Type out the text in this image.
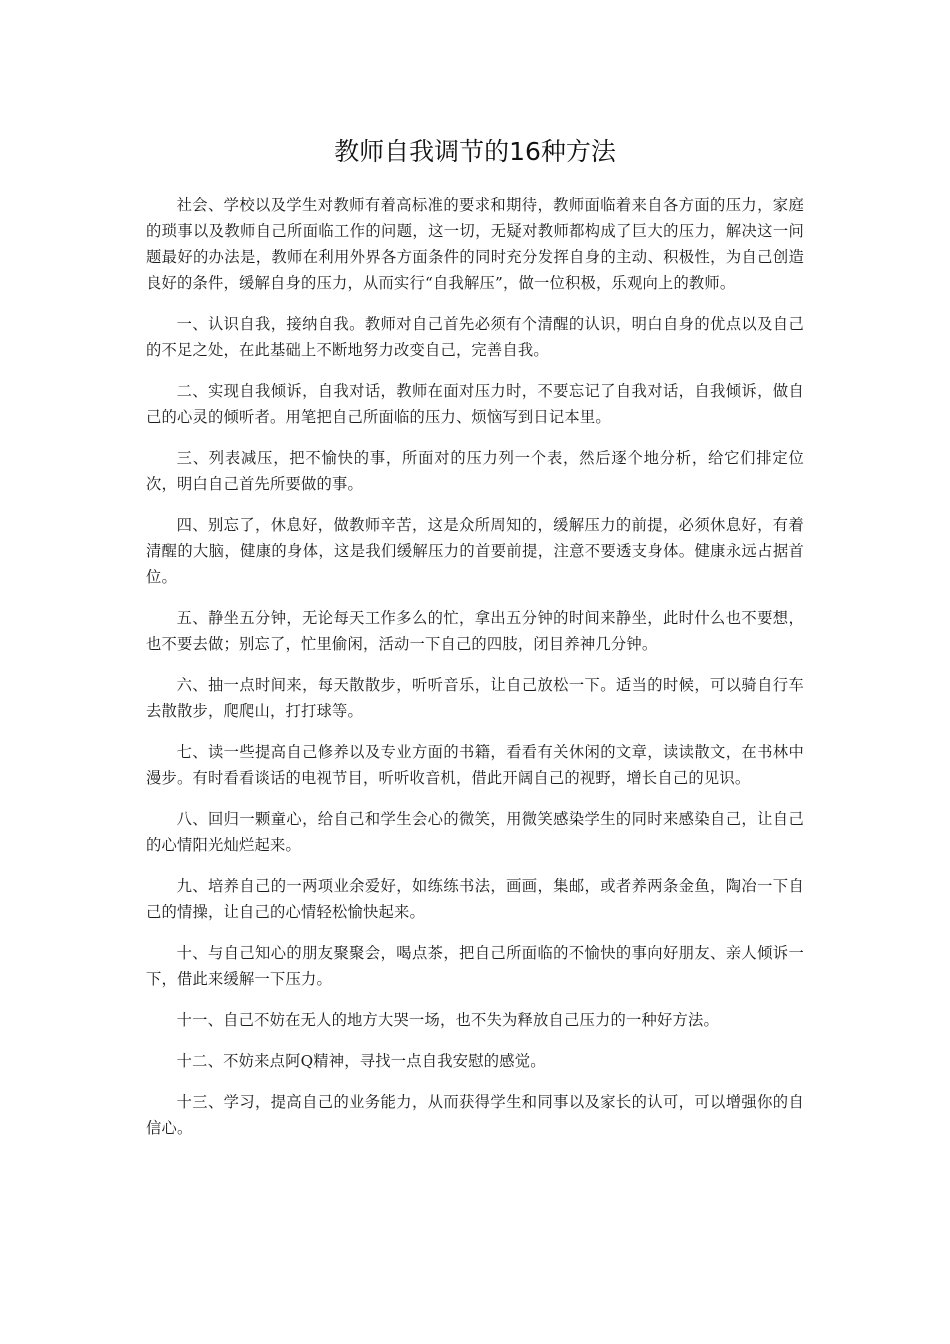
教师自我调节的16种方法

社会、学校以及学生对教师有着高标准的要求和期待，教师面临着来自各方面的压力，家庭的琐事以及教师自己所面临工作的问题，这一切，无疑对教师都构成了巨大的压力，解决这一问题最好的办法是，教师在利用外界各方面条件的同时充分发挥自身的主动、积极性，为自己创造良好的条件，缓解自身的压力，从而实行“自我解压”，做一位积极，乐观向上的教师。

一、认识自我，接纳自我。教师对自己首先必须有个清醒的认识，明白自身的优点以及自己的不足之处，在此基础上不断地努力改变自己，完善自我。

二、实现自我倾诉，自我对话，教师在面对压力时，不要忘记了自我对话，自我倾诉，做自己的心灵的倾听者。用笔把自己所面临的压力、烦恼写到日记本里。

三、列表减压，把不愉快的事，所面对的压力列一个表，然后逐个地分析，给它们排定位次，明白自己首先所要做的事。

四、别忘了，休息好，做教师辛苦，这是众所周知的，缓解压力的前提，必须休息好，有着清醒的大脑，健康的身体，这是我们缓解压力的首要前提，注意不要透支身体。健康永远占据首位。

五、静坐五分钟，无论每天工作多么的忙，拿出五分钟的时间来静坐，此时什么也不要想，也不要去做；别忘了，忙里偷闲，活动一下自己的四肢，闭目养神几分钟。

六、抽一点时间来，每天散散步，听听音乐，让自己放松一下。适当的时候，可以骑自行车去散散步，爬爬山，打打球等。

七、读一些提高自己修养以及专业方面的书籍，看看有关休闲的文章，读读散文，在书林中漫步。有时看看谈话的电视节目，听听收音机，借此开阔自己的视野，增长自己的见识。

八、回归一颗童心，给自己和学生会心的微笑，用微笑感染学生的同时来感染自己，让自己的心情阳光灿烂起来。

九、培养自己的一两项业余爱好，如练练书法，画画，集邮，或者养两条金鱼，陶冶一下自己的情操，让自己的心情轻松愉快起来。

十、与自己知心的朋友聚聚会，喝点茶，把自己所面临的不愉快的事向好朋友、亲人倾诉一下，借此来缓解一下压力。

十一、自己不妨在无人的地方大哭一场，也不失为释放自己压力的一种好方法。

十二、不妨来点阿Q精神，寻找一点自我安慰的感觉。

十三、学习，提高自己的业务能力，从而获得学生和同事以及家长的认可，可以增强你的自信心。
